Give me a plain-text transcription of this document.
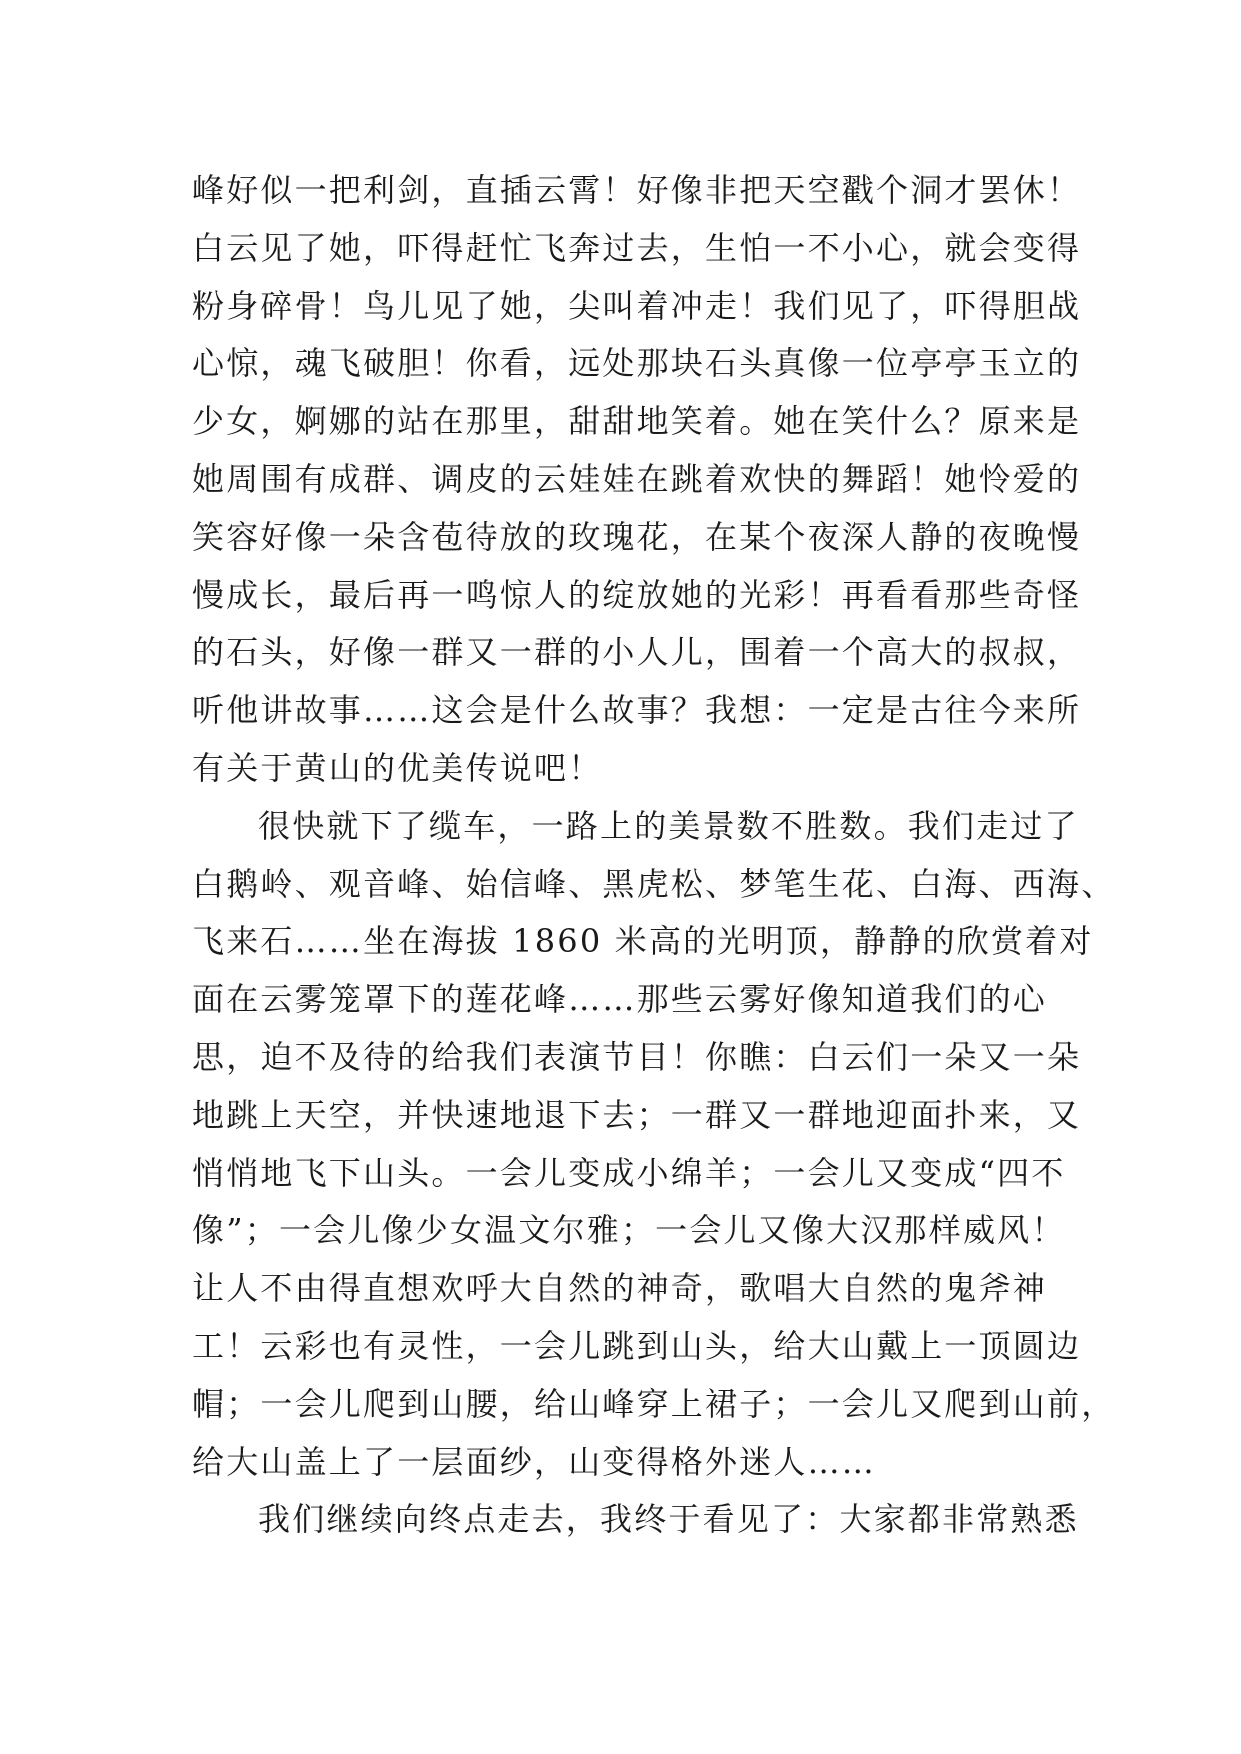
峰好似一把利剑，直插云霄！好像非把天空戳个洞才罢休！
白云见了她，吓得赶忙飞奔过去，生怕一不小心，就会变得
粉身碎骨！鸟儿见了她，尖叫着冲走！我们见了，吓得胆战
心惊，魂飞破胆！你看，远处那块石头真像一位亭亭玉立的
少女，婀娜的站在那里，甜甜地笑着。她在笑什么？原来是
她周围有成群、调皮的云娃娃在跳着欢快的舞蹈！她怜爱的
笑容好像一朵含苞待放的玫瑰花，在某个夜深人静的夜晚慢
慢成长，最后再一鸣惊人的绽放她的光彩！再看看那些奇怪
的石头，好像一群又一群的小人儿，围着一个高大的叔叔，
听他讲故事……这会是什么故事？我想：一定是古往今来所
有关于黄山的优美传说吧！
很快就下了缆车，一路上的美景数不胜数。我们走过了
白鹅岭、观音峰、始信峰、黑虎松、梦笔生花、白海、西海、
飞来石……坐在海拔 1860 米高的光明顶，静静的欣赏着对
面在云雾笼罩下的莲花峰……那些云雾好像知道我们的心
思，迫不及待的给我们表演节目！你瞧：白云们一朵又一朵
地跳上天空，并快速地退下去；一群又一群地迎面扑来，又
悄悄地飞下山头。一会儿变成小绵羊；一会儿又变成“四不
像”；一会儿像少女温文尔雅；一会儿又像大汉那样威风！
让人不由得直想欢呼大自然的神奇，歌唱大自然的鬼斧神
工！云彩也有灵性，一会儿跳到山头，给大山戴上一顶圆边
帽；一会儿爬到山腰，给山峰穿上裙子；一会儿又爬到山前，
给大山盖上了一层面纱，山变得格外迷人……
我们继续向终点走去，我终于看见了：大家都非常熟悉
